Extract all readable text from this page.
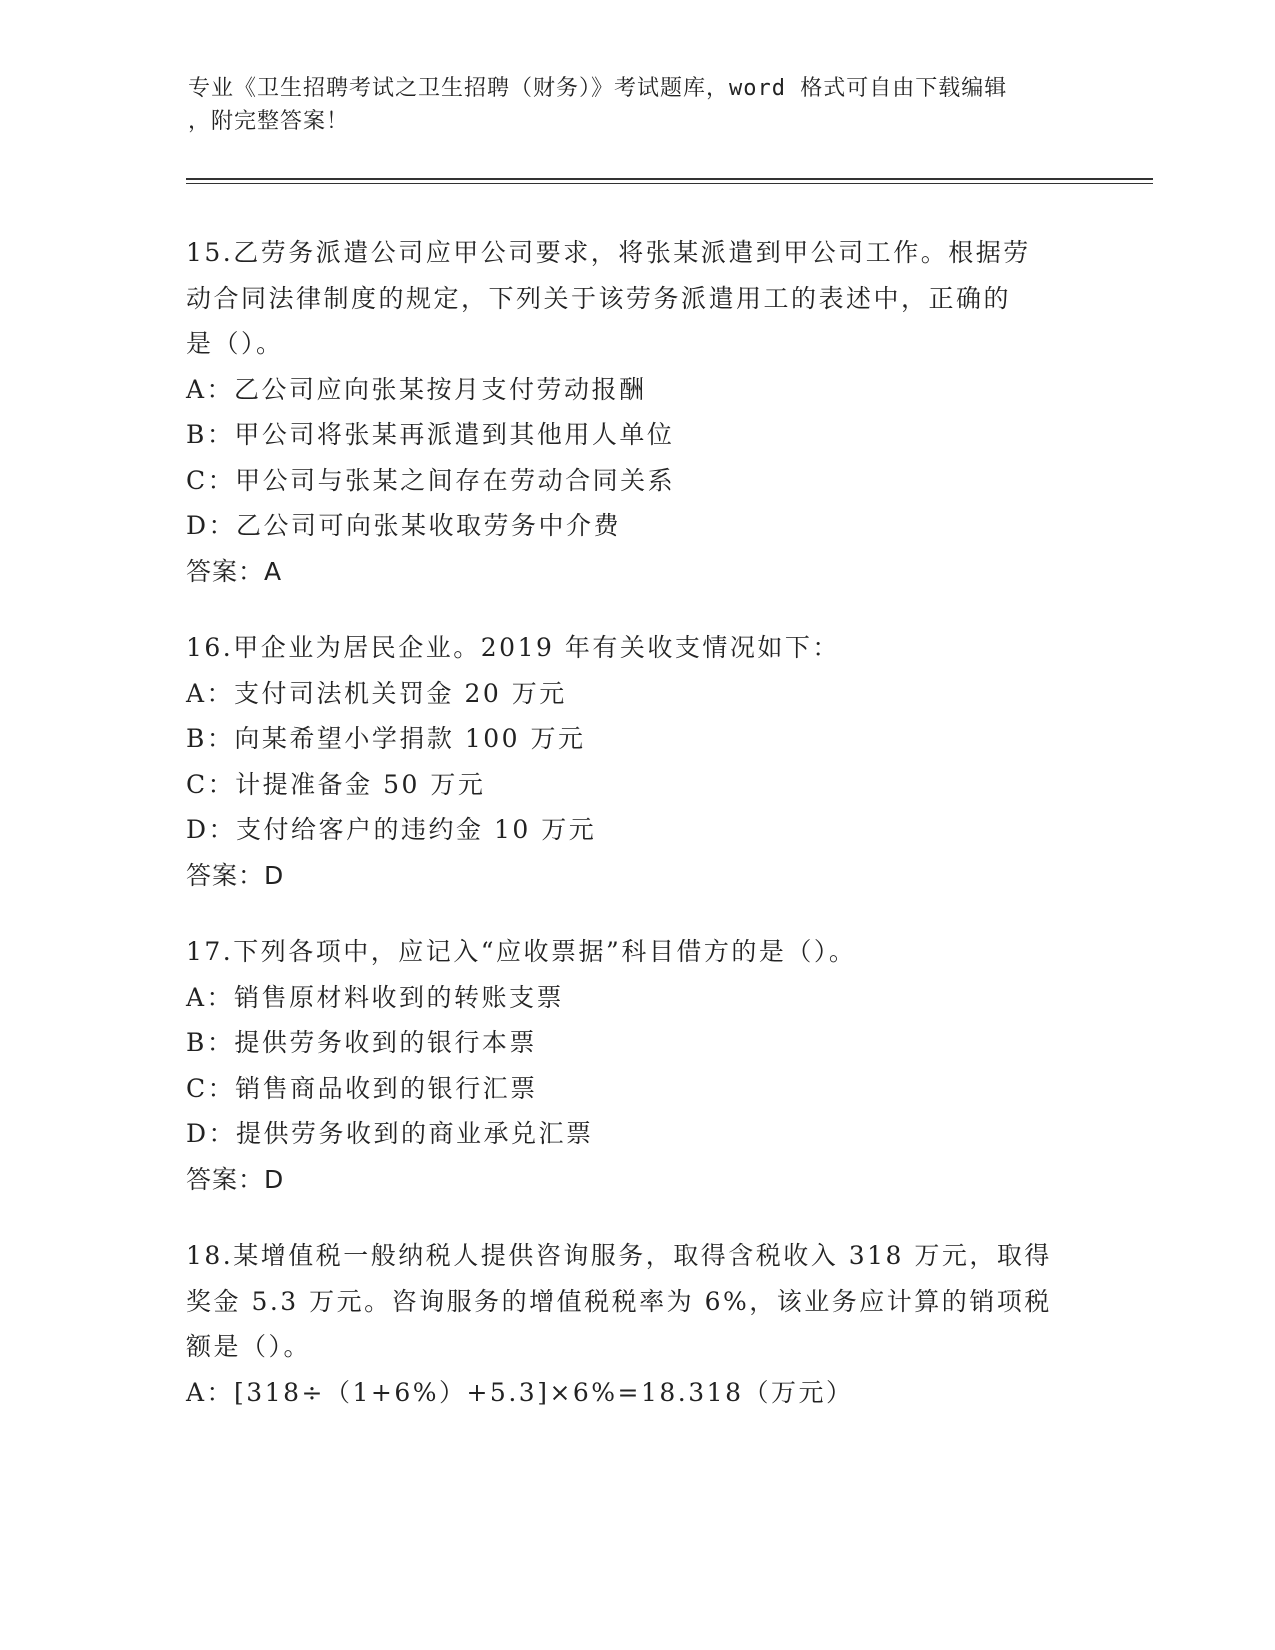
专业《卫生招聘考试之卫生招聘（财务）》考试题库，word 格式可自由下载编辑
，附完整答案！
15.乙劳务派遣公司应甲公司要求，将张某派遣到甲公司工作。根据劳
动合同法律制度的规定，下列关于该劳务派遣用工的表述中，正确的
是（）。
A：乙公司应向张某按月支付劳动报酬
B：甲公司将张某再派遣到其他用人单位
C：甲公司与张某之间存在劳动合同关系
D：乙公司可向张某收取劳务中介费
答案：A
16.甲企业为居民企业。2019 年有关收支情况如下：
A：支付司法机关罚金 20 万元
B：向某希望小学捐款 100 万元
C：计提准备金 50 万元
D：支付给客户的违约金 10 万元
答案：D
17.下列各项中，应记入“应收票据”科目借方的是（）。
A：销售原材料收到的转账支票
B：提供劳务收到的银行本票
C：销售商品收到的银行汇票
D：提供劳务收到的商业承兑汇票
答案：D
18.某增值税一般纳税人提供咨询服务，取得含税收入 318 万元，取得
奖金 5.3 万元。咨询服务的增值税税率为 6%，该业务应计算的销项税
额是（）。
A：[318÷（1+6%）+5.3]×6%=18.318（万元）
